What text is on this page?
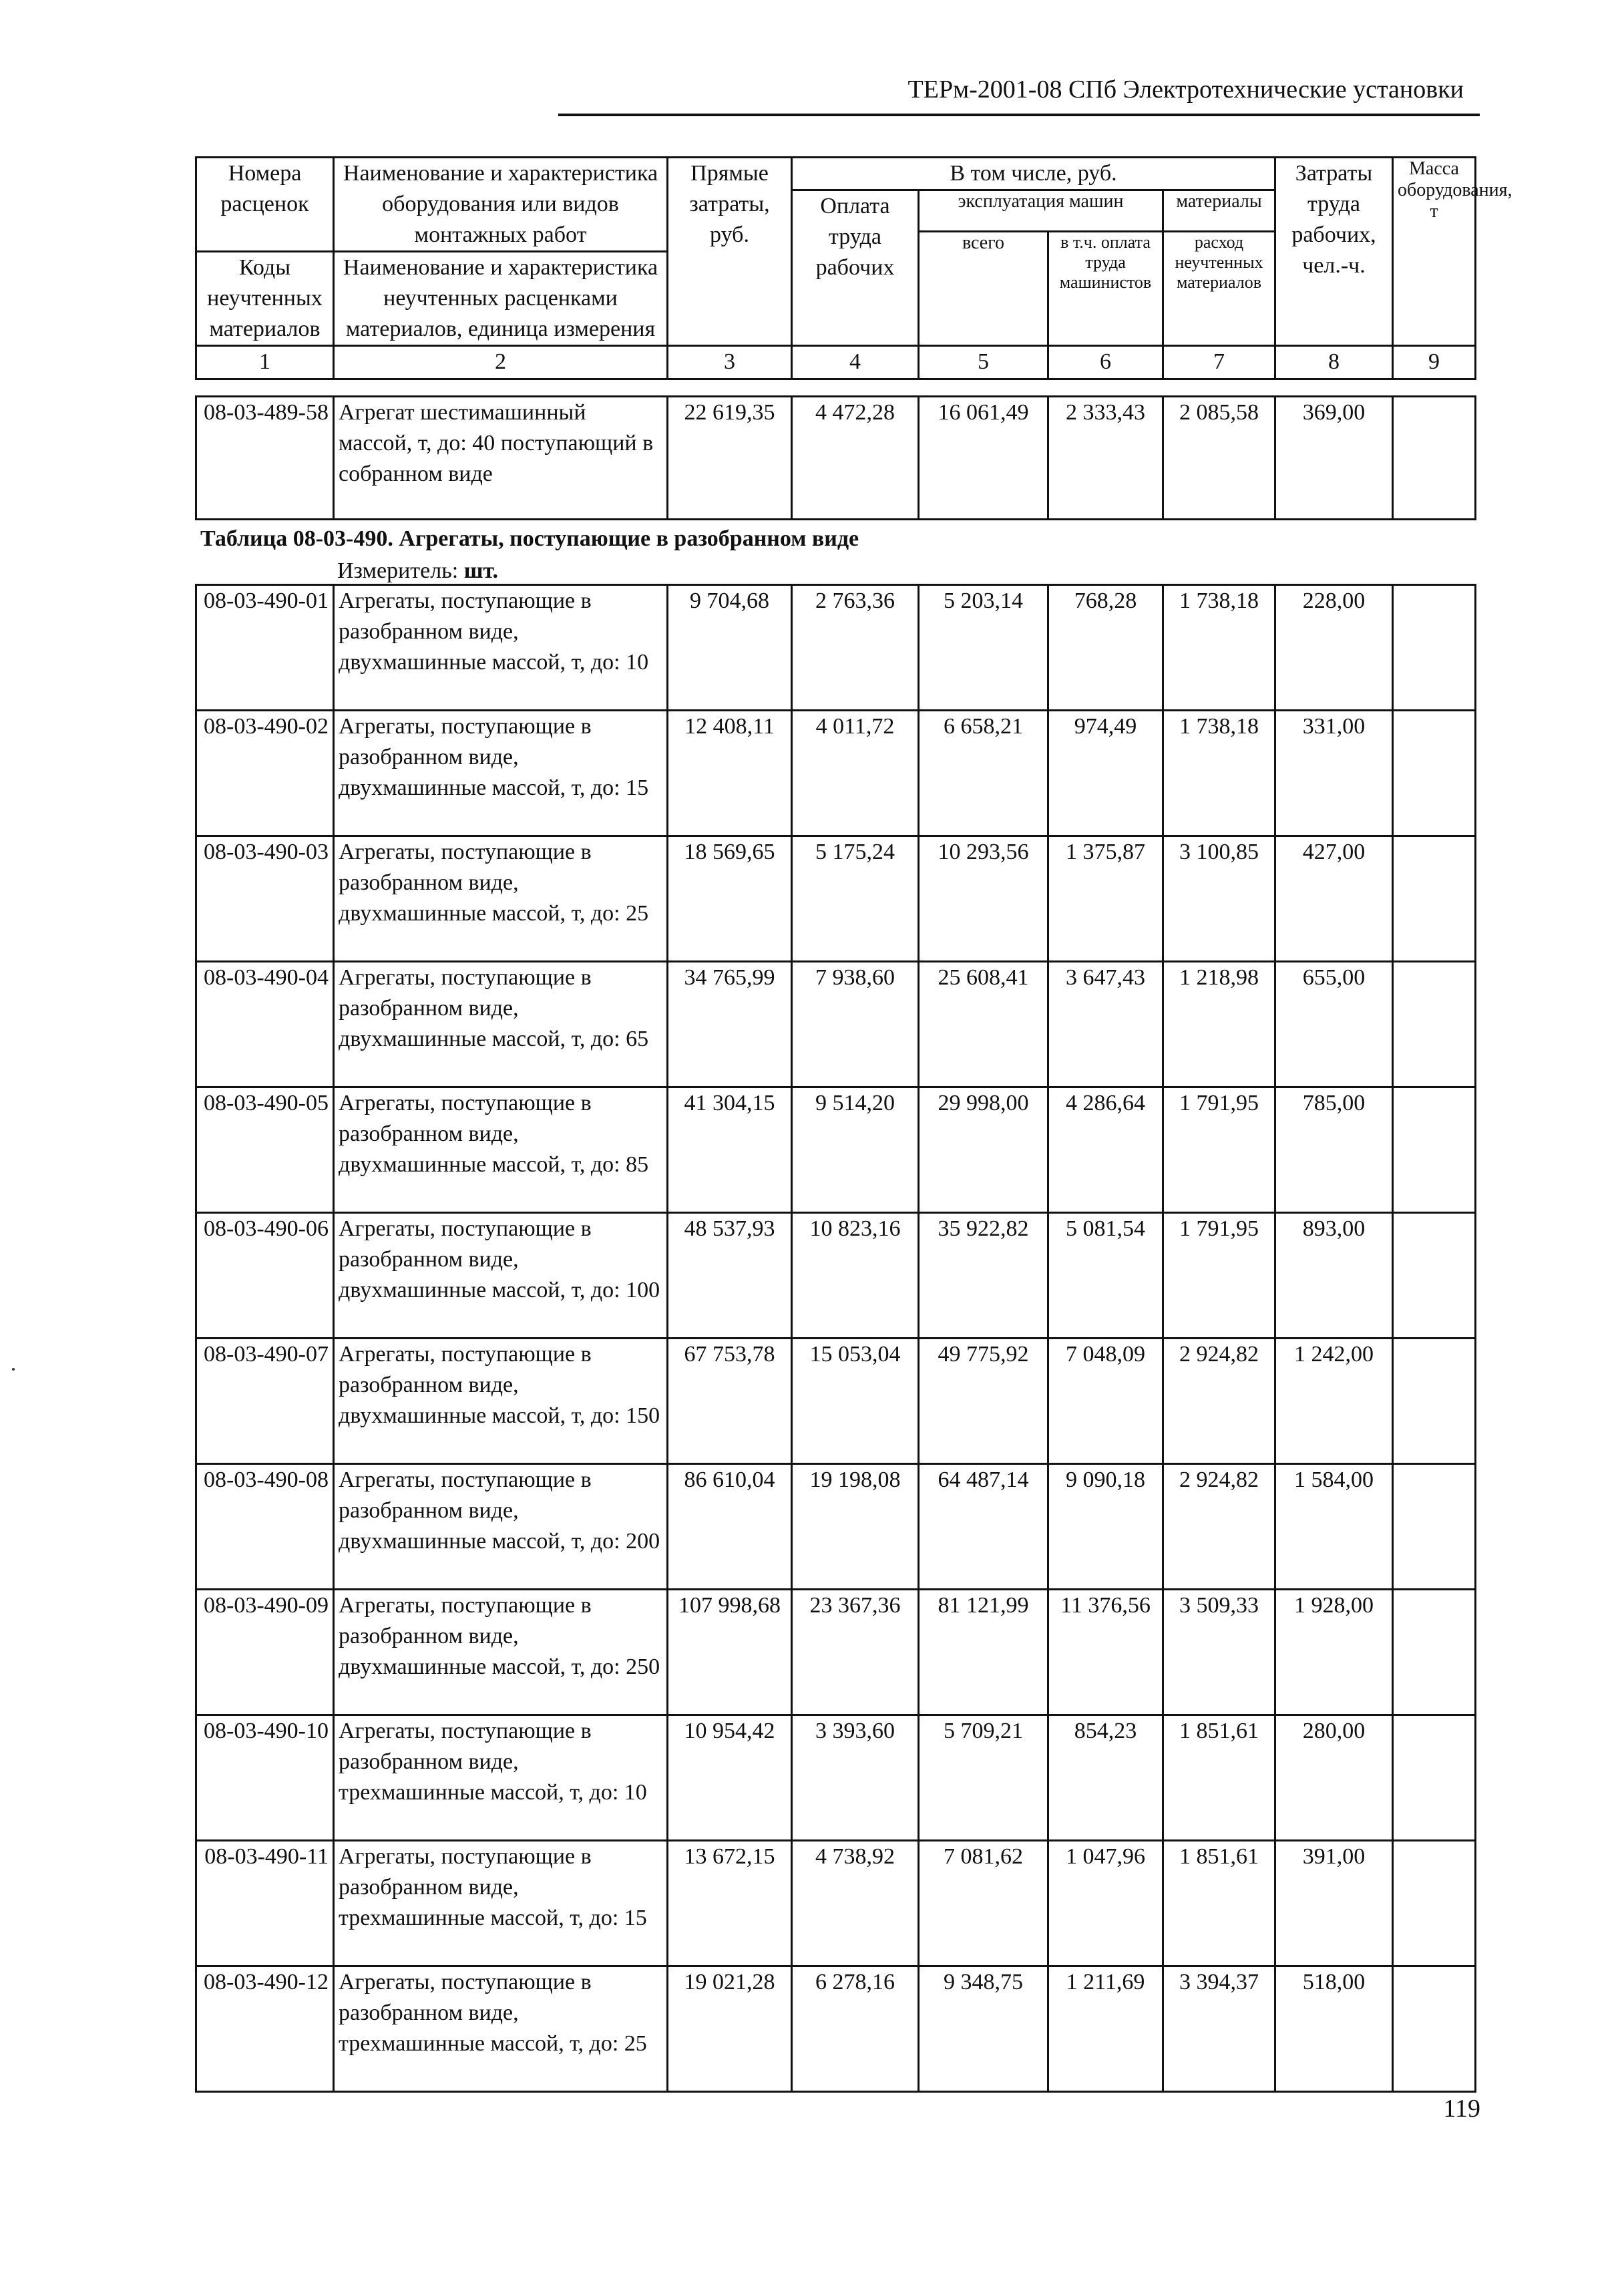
ТЕРм-2001-08 СПб Электротехнические установки
Номера расценок	Наименование и характеристика оборудования или видов монтажных работ	Прямые затраты, руб.	В том числе, руб.				Затраты труда рабочих, чел.-ч.	Масса оборудования, т
			Оплата труда рабочих	эксплуатация машин		материалы		
				всего	в т.ч. оплата труда машинистов	расход неучтенных материалов		
Коды неучтенных материалов	Наименование и характеристика неучтенных расценками материалов, единица измерения							

1	2	3	4	5	6	7	8	9
08-03-489-58	Агрегат шестимашинный массой, т, до: 40 поступающий в собранном виде	22 619,35	4 472,28	16 061,49	2 333,43	2 085,58	369,00	
Таблица 08-03-490. Агрегаты, поступающие в разобранном виде
Измеритель: шт.
08-03-490-01	Агрегаты, поступающие в разобранном виде, двухмашинные массой, т, до: 10	9 704,68	2 763,36	5 203,14	768,28	1 738,18	228,00	
08-03-490-02	Агрегаты, поступающие в разобранном виде, двухмашинные массой, т, до: 15	12 408,11	4 011,72	6 658,21	974,49	1 738,18	331,00	
08-03-490-03	Агрегаты, поступающие в разобранном виде, двухмашинные массой, т, до: 25	18 569,65	5 175,24	10 293,56	1 375,87	3 100,85	427,00	
08-03-490-04	Агрегаты, поступающие в разобранном виде, двухмашинные массой, т, до: 65	34 765,99	7 938,60	25 608,41	3 647,43	1 218,98	655,00	
08-03-490-05	Агрегаты, поступающие в разобранном виде, двухмашинные массой, т, до: 85	41 304,15	9 514,20	29 998,00	4 286,64	1 791,95	785,00	
08-03-490-06	Агрегаты, поступающие в разобранном виде, двухмашинные массой, т, до: 100	48 537,93	10 823,16	35 922,82	5 081,54	1 791,95	893,00	
08-03-490-07	Агрегаты, поступающие в разобранном виде, двухмашинные массой, т, до: 150	67 753,78	15 053,04	49 775,92	7 048,09	2 924,82	1 242,00	
08-03-490-08	Агрегаты, поступающие в разобранном виде, двухмашинные массой, т, до: 200	86 610,04	19 198,08	64 487,14	9 090,18	2 924,82	1 584,00	
08-03-490-09	Агрегаты, поступающие в разобранном виде, двухмашинные массой, т, до: 250	107 998,68	23 367,36	81 121,99	11 376,56	3 509,33	1 928,00	
08-03-490-10	Агрегаты, поступающие в разобранном виде, трехмашинные массой, т, до: 10	10 954,42	3 393,60	5 709,21	854,23	1 851,61	280,00	
08-03-490-11	Агрегаты, поступающие в разобранном виде, трехмашинные массой, т, до: 15	13 672,15	4 738,92	7 081,62	1 047,96	1 851,61	391,00	
08-03-490-12	Агрегаты, поступающие в разобранном виде, трехмашинные массой, т, до: 25	19 021,28	6 278,16	9 348,75	1 211,69	3 394,37	518,00	
119
